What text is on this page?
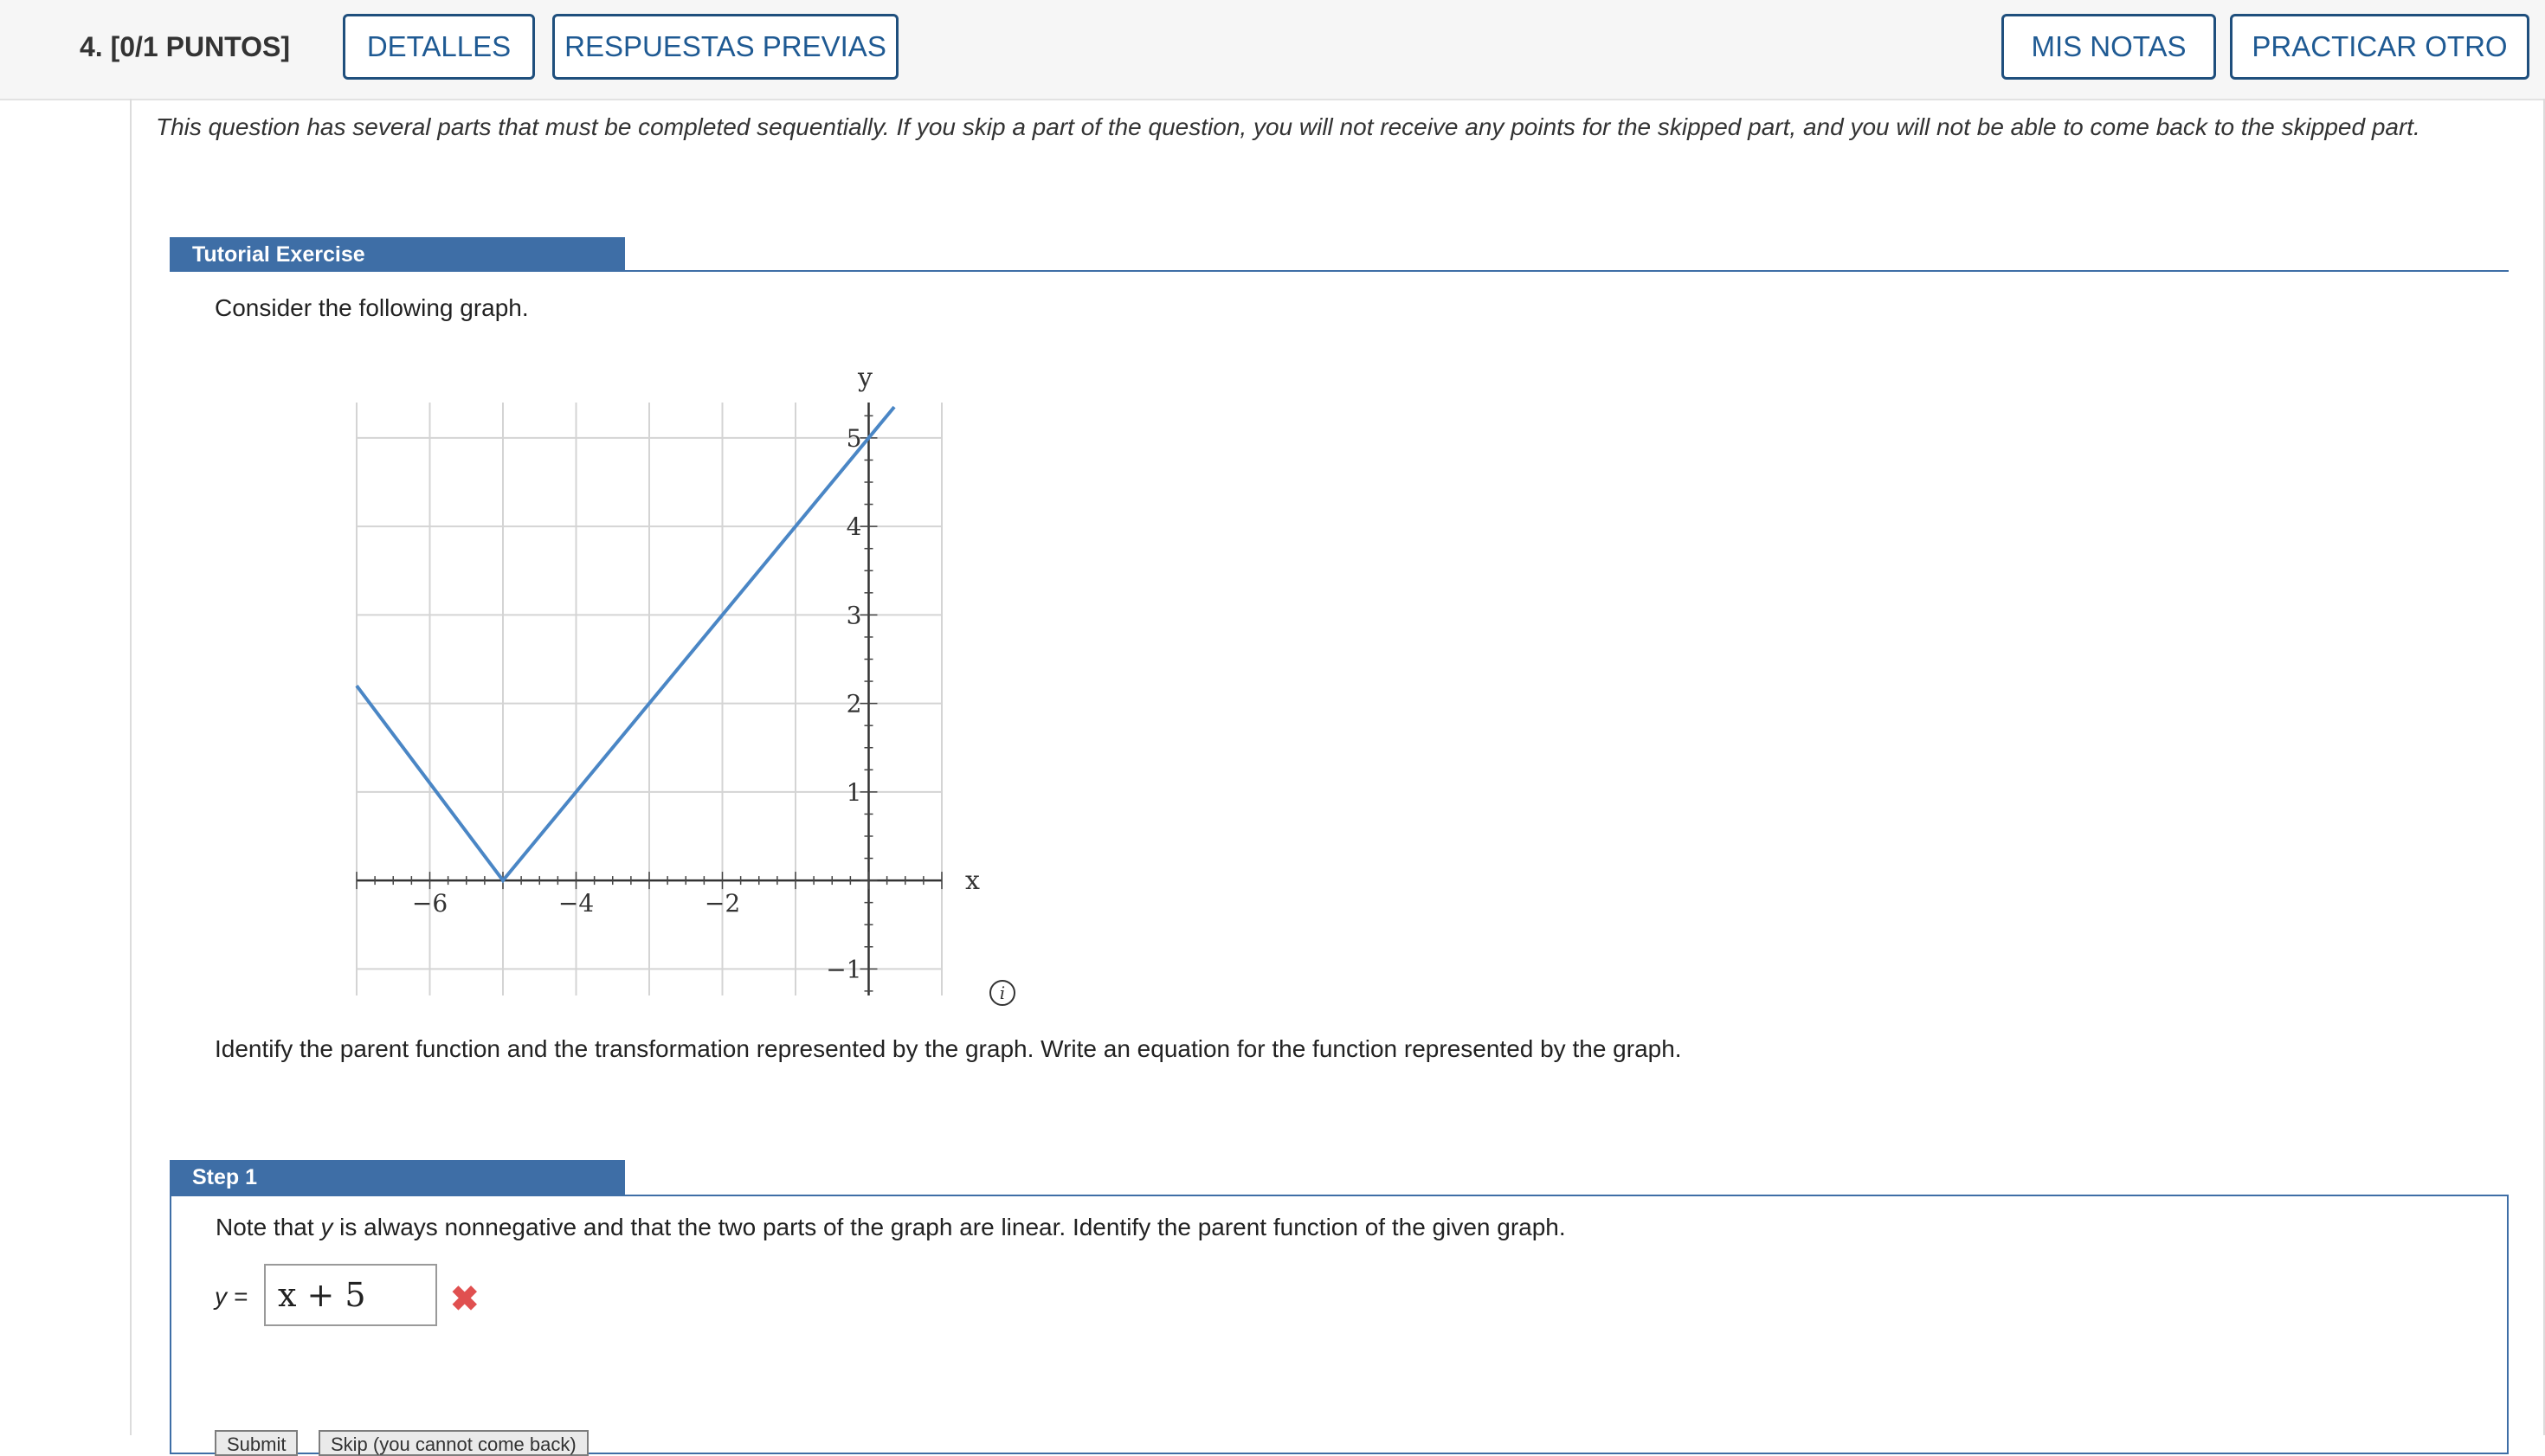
4. [0/1 PUNTOS]	DETALLES	RESPUESTAS PREVIAS	MIS NOTAS	PRACTICAR OTRO
This question has several parts that must be completed sequentially. If you skip a part of the question, you will not receive any points for the skipped part, and you will not be able to come back to the skipped part.
Tutorial Exercise
Consider the following graph.
−6	−4	−2
5
4
3
2
1
−1
x
y
i
Identify the parent function and the transformation represented by the graph. Write an equation for the function represented by the graph.
Step 1
Note that y is always nonnegative and that the two parts of the graph are linear. Identify the parent function of the given graph.
y = x + 5 ✖
Submit	Skip (you cannot come back)
